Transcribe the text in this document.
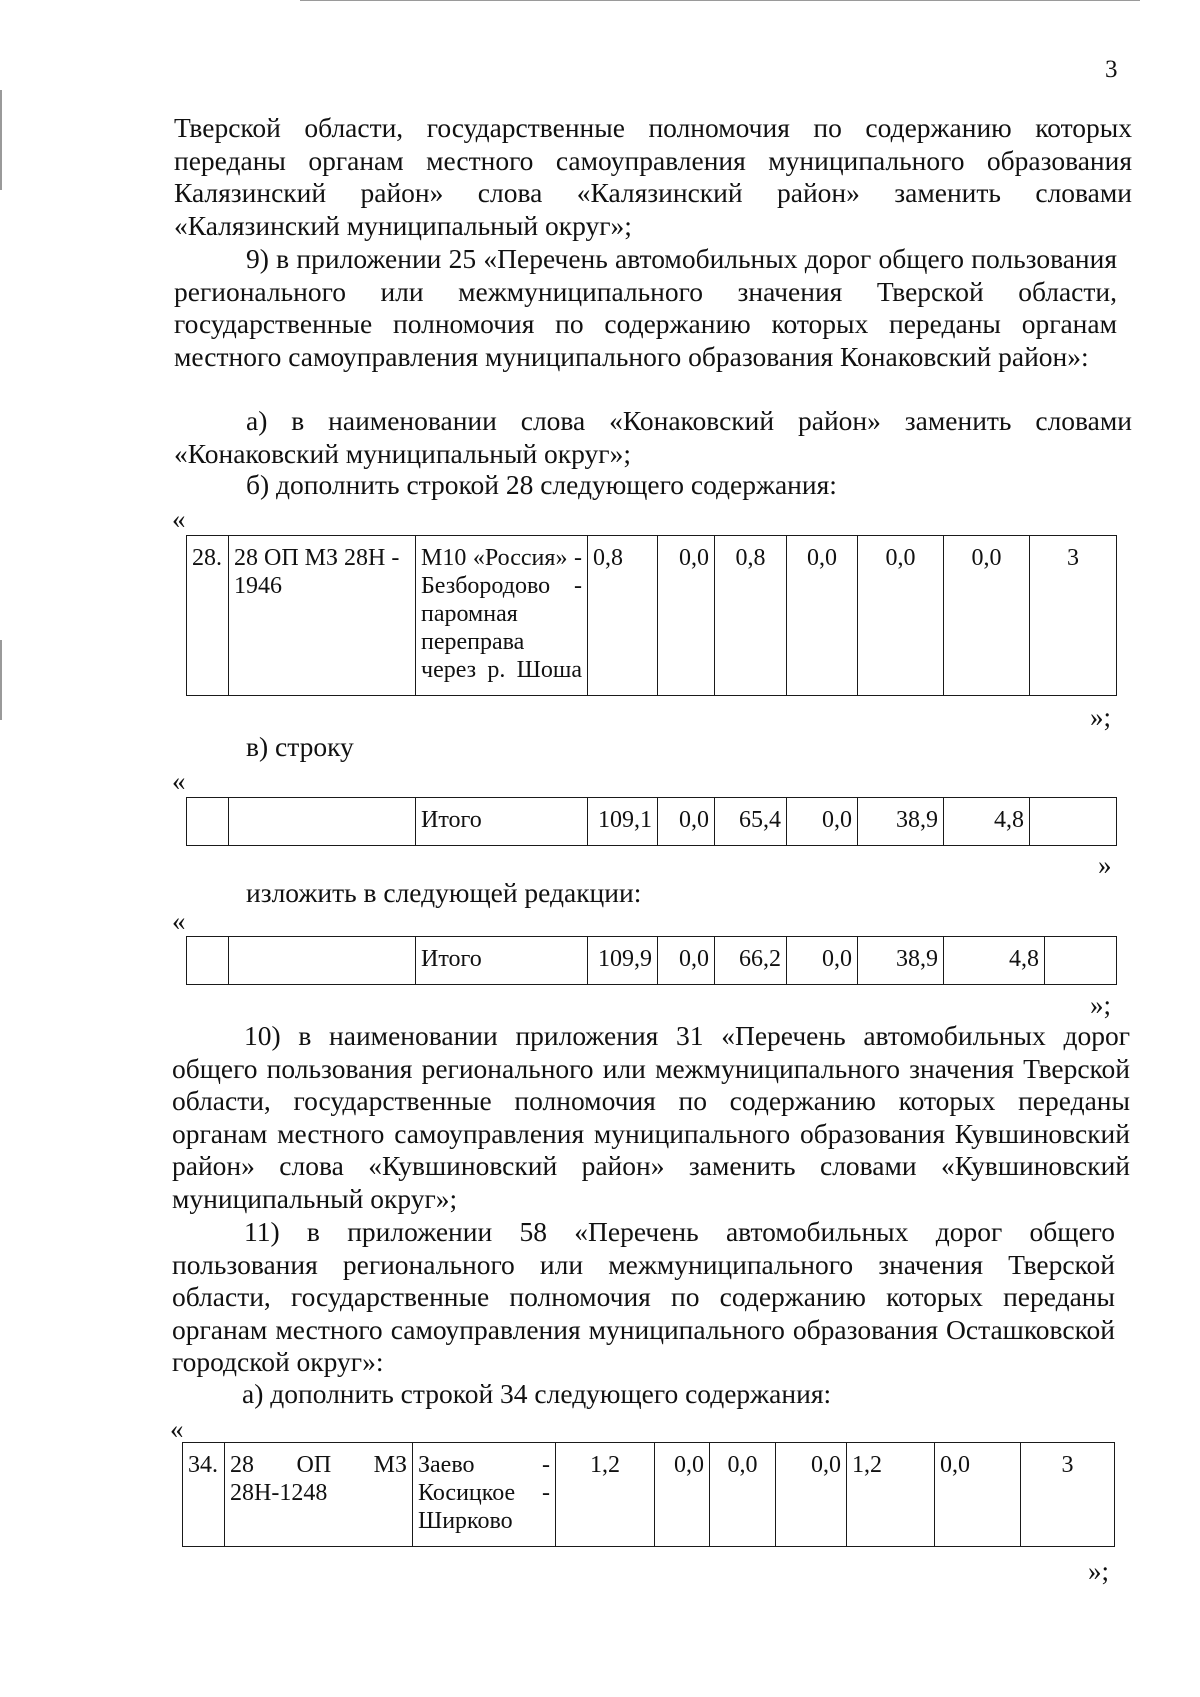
3
Тверской области, государственные полномочия по содержанию которых переданы органам местного самоуправления муниципального образования Калязинский район» слова «Калязинский район» заменить словами «Калязинский муниципальный округ»;
9) в приложении 25 «Перечень автомобильных дорог общего пользования регионального или межмуниципального значения Тверской области, государственные полномочия по содержанию которых переданы органам местного самоуправления муниципального образования Конаковский район»:
а) в наименовании слова «Конаковский район» заменить словами «Конаковский муниципальный округ»;
б) дополнить строкой 28 следующего содержания:
«
28.	28 ОП МЗ 28Н - 1946	М10 «Россия» - Безбородово - паромная переправа через р. Шоша	0,8	0,0	0,8	0,0	0,0	0,0	3
»;
в) строку
«
		Итого	109,1	0,0	65,4	0,0	38,9	4,8	
»
изложить в следующей редакции:
«
		Итого	109,9	0,0	66,2	0,0	38,9	4,8	
»;
10) в наименовании приложения 31 «Перечень автомобильных дорог общего пользования регионального или межмуниципального значения Тверской области, государственные полномочия по содержанию которых переданы органам местного самоуправления муниципального образования Кувшиновский район» слова «Кувшиновский район» заменить словами «Кувшиновский муниципальный округ»;
11) в приложении 58 «Перечень автомобильных дорог общего пользования регионального или межмуниципального значения Тверской области, государственные полномочия по содержанию которых переданы органам местного самоуправления муниципального образования Осташковской городской округ»:
а) дополнить строкой 34 следующего содержания:
«
34.	28 ОП МЗ 28Н-1248	Заево - Косицкое - Ширково	1,2	0,0	0,0	0,0	1,2	0,0	3
»;
